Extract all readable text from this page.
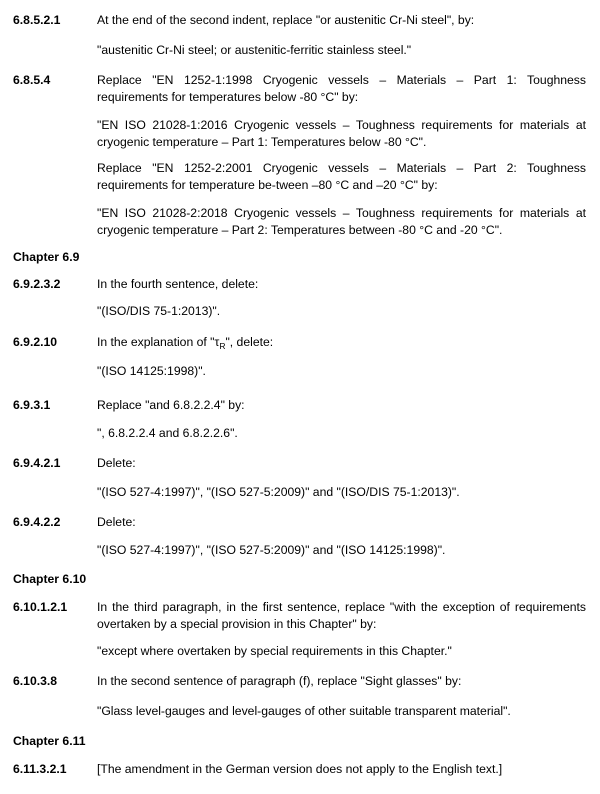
6.8.5.2.1	At the end of the second indent, replace "or austenitic Cr-Ni steel", by:
"austenitic Cr-Ni steel; or austenitic-ferritic stainless steel."
6.8.5.4	Replace "EN 1252-1:1998 Cryogenic vessels – Materials – Part 1: Toughness requirements for temperatures below -80 °C" by:
"EN ISO 21028-1:2016 Cryogenic vessels – Toughness requirements for materials at cryogenic temperature – Part 1: Temperatures below -80 °C".
Replace "EN 1252-2:2001 Cryogenic vessels – Materials – Part 2: Toughness requirements for temperature be-tween –80 °C and –20 °C" by:
"EN ISO 21028-2:2018 Cryogenic vessels – Toughness requirements for materials at cryogenic temperature – Part 2: Temperatures between -80 °C and -20 °C".
Chapter 6.9
6.9.2.3.2	In the fourth sentence, delete:
"(ISO/DIS 75-1:2013)".
6.9.2.10	In the explanation of "$\tau_R$", delete:
"(ISO 14125:1998)".
6.9.3.1	Replace "and 6.8.2.2.4" by:
", 6.8.2.2.4 and 6.8.2.2.6".
6.9.4.2.1	Delete:
"(ISO 527-4:1997)", "(ISO 527-5:2009)" and "(ISO/DIS 75-1:2013)".
6.9.4.2.2	Delete:
"(ISO 527-4:1997)", "(ISO 527-5:2009)" and "(ISO 14125:1998)".
Chapter 6.10
6.10.1.2.1 In the third paragraph, in the first sentence, replace "with the exception of requirements overtaken by a special provision in this Chapter" by:
"except where overtaken by special requirements in this Chapter."
6.10.3.8	In the second sentence of paragraph (f), replace "Sight glasses" by:
"Glass level-gauges and level-gauges of other suitable transparent material".
Chapter 6.11
6.11.3.2.1 [The amendment in the German version does not apply to the English text.]
